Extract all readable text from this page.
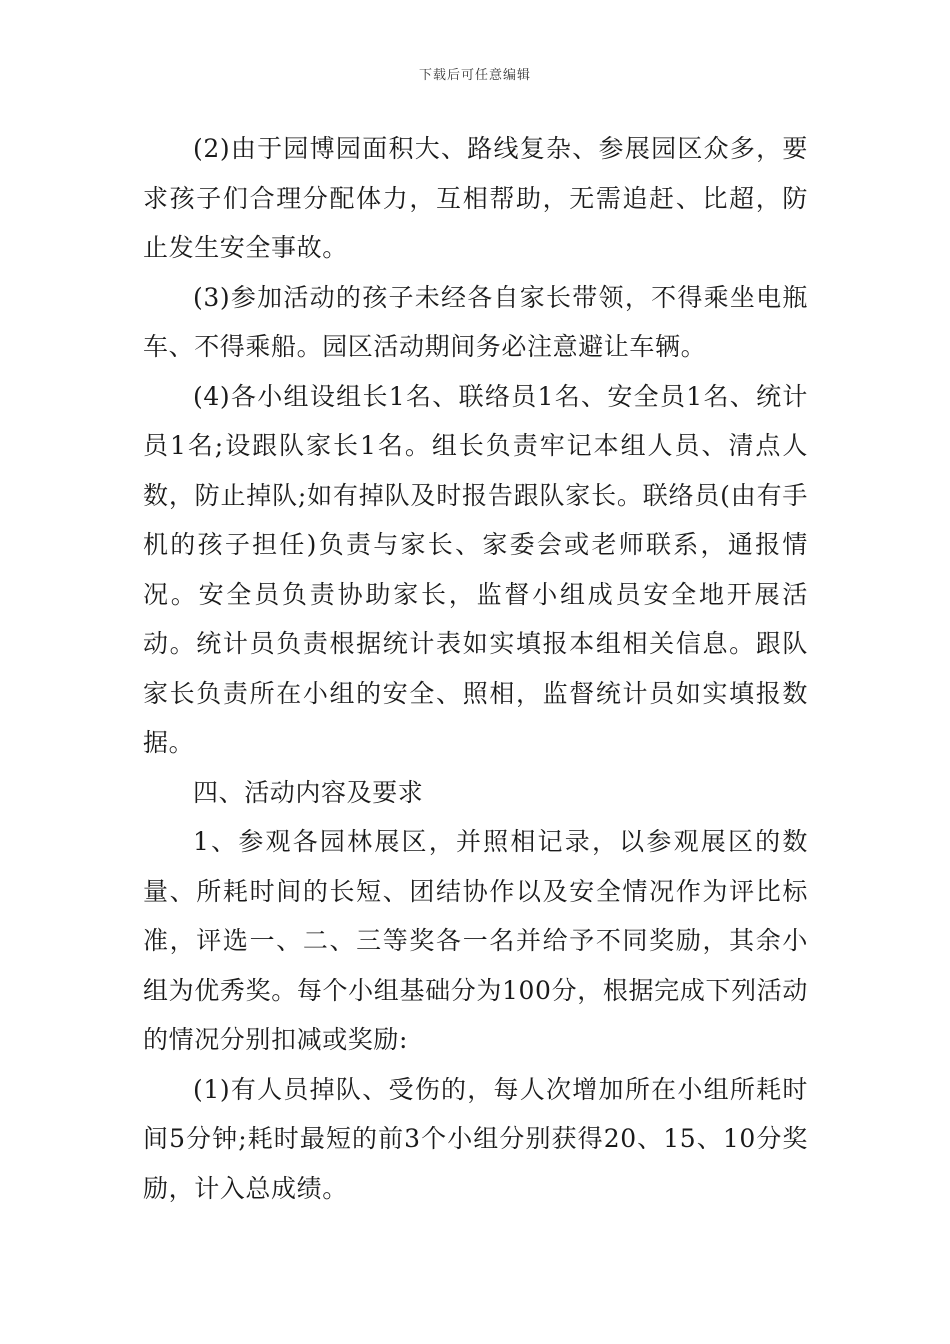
下载后可任意编辑

(2)由于园博园面积大、路线复杂、参展园区众多，要求孩子们合理分配体力，互相帮助，无需追赶、比超，防止发生安全事故。

(3)参加活动的孩子未经各自家长带领，不得乘坐电瓶车、不得乘船。园区活动期间务必注意避让车辆。

(4)各小组设组长1名、联络员1名、安全员1名、统计员1名;设跟队家长1名。组长负责牢记本组人员、清点人数，防止掉队;如有掉队及时报告跟队家长。联络员(由有手机的孩子担任)负责与家长、家委会或老师联系，通报情况。安全员负责协助家长，监督小组成员安全地开展活动。统计员负责根据统计表如实填报本组相关信息。跟队家长负责所在小组的安全、照相，监督统计员如实填报数据。

四、活动内容及要求

1、参观各园林展区，并照相记录，以参观展区的数量、所耗时间的长短、团结协作以及安全情况作为评比标准，评选一、二、三等奖各一名并给予不同奖励，其余小组为优秀奖。每个小组基础分为100分，根据完成下列活动的情况分别扣减或奖励:

(1)有人员掉队、受伤的，每人次增加所在小组所耗时间5分钟;耗时最短的前3个小组分别获得20、15、10分奖励，计入总成绩。
